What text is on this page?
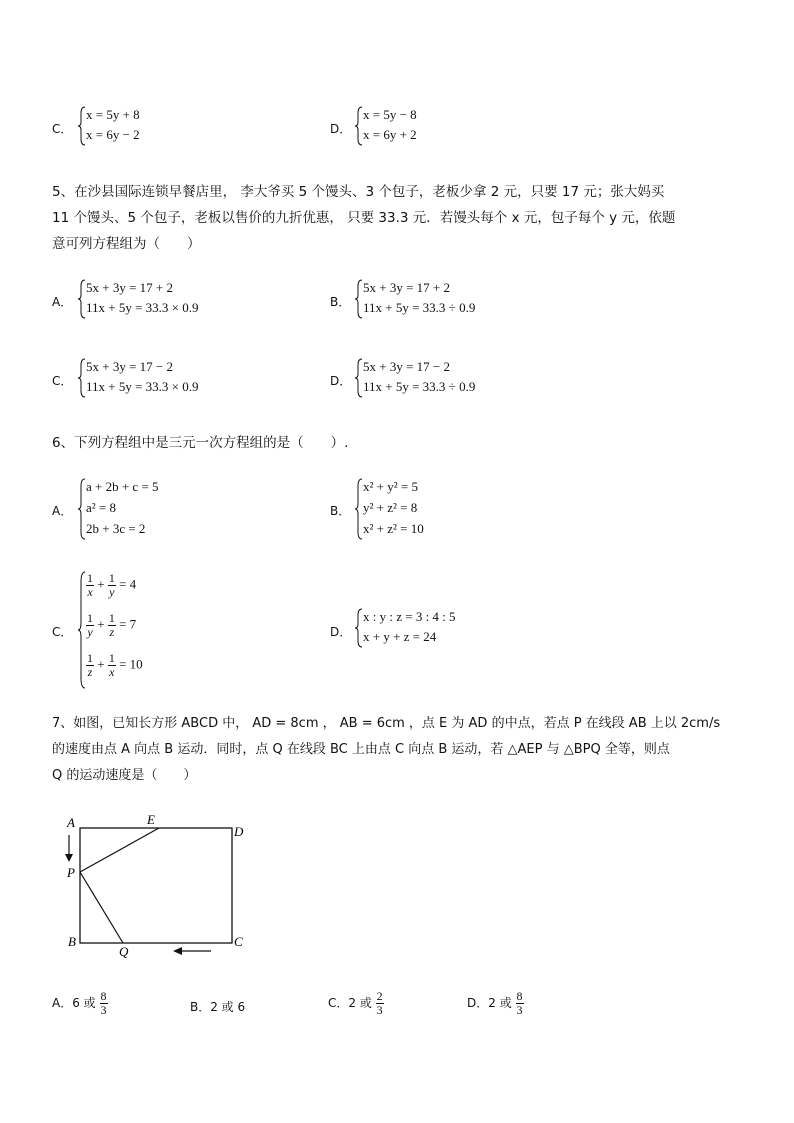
C．
x = 5y + 8
x = 6y − 2	D．
x = 5y − 8
x = 6y + 2
5、在沙县国际连锁早餐店里， 李大爷买 5 个馒头、3 个包子，老板少拿 2 元，只要 17 元；张大妈买
11 个馒头、5 个包子，老板以售价的九折优惠， 只要 33.3 元．若馒头每个 x 元，包子每个 y 元，依题
意可列方程组为（　　）
A．
5x + 3y = 17 + 2
11x + 5y = 33.3 × 0.9	B．
5x + 3y = 17 + 2
11x + 5y = 33.3 ÷ 0.9
C．
5x + 3y = 17 − 2
11x + 5y = 33.3 × 0.9	D．
5x + 3y = 17 − 2
11x + 5y = 33.3 ÷ 0.9
6、下列方程组中是三元一次方程组的是（　　）.
A．
a + 2b + c = 5
a² = 8
2b + 3c = 2
B．
x² + y² = 5
y² + z² = 8
x² + z² = 10
C．
$\frac{1}{x} + \frac{1}{y} = 4$
$\frac{1}{y} + \frac{1}{z} = 7$
$\frac{1}{z} + \frac{1}{x} = 10$
D．
x : y : z = 3 : 4 : 5
x + y + z = 24
7、如图，已知长方形 ABCD 中， AD = 8cm ， AB = 6cm ，点 E 为 AD 的中点，若点 P 在线段 AB 上以 2cm/s
的速度由点 A 向点 B 运动．同时，点 Q 在线段 BC 上由点 C 向点 B 运动，若 △AEP 与 △BPQ 全等，则点
Q 的运动速度是（　　）
A	E
D
P
B
Q
C
A．6 或 $\frac{8}{3}$	B．2 或 6	C．2 或 $\frac{2}{3}$	D．2 或 $\frac{8}{3}$
